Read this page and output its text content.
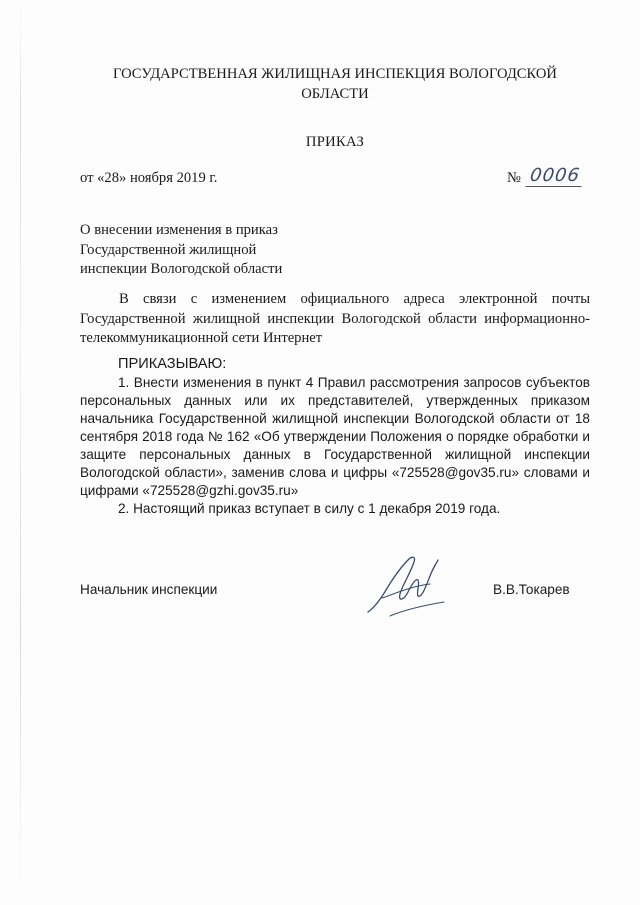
ГОСУДАРСТВЕННАЯ ЖИЛИЩНАЯ ИНСПЕКЦИЯ ВОЛОГОДСКОЙ ОБЛАСТИ
ПРИКАЗ
от «28» ноября 2019 г.	№ 0006
О внесении изменения в приказ
Государственной жилищной
инспекции Вологодской области
В связи с изменением официального адреса электронной почты Государственной жилищной инспекции Вологодской области информационно-телекоммуникационной сети Интернет
ПРИКАЗЫВАЮ:

1. Внести изменения в пункт 4 Правил рассмотрения запросов субъектов персональных данных или их представителей, утвержденных приказом начальника Государственной жилищной инспекции Вологодской области от 18 сентября 2018 года № 162 «Об утверждении Положения о порядке обработки и защите персональных данных в Государственной жилищной инспекции Вологодской области», заменив слова и цифры «725528@gov35.ru» словами и цифрами «725528@gzhi.gov35.ru»

2. Настоящий приказ вступает в силу с 1 декабря 2019 года.

Начальник инспекции	В.В.Токарев
